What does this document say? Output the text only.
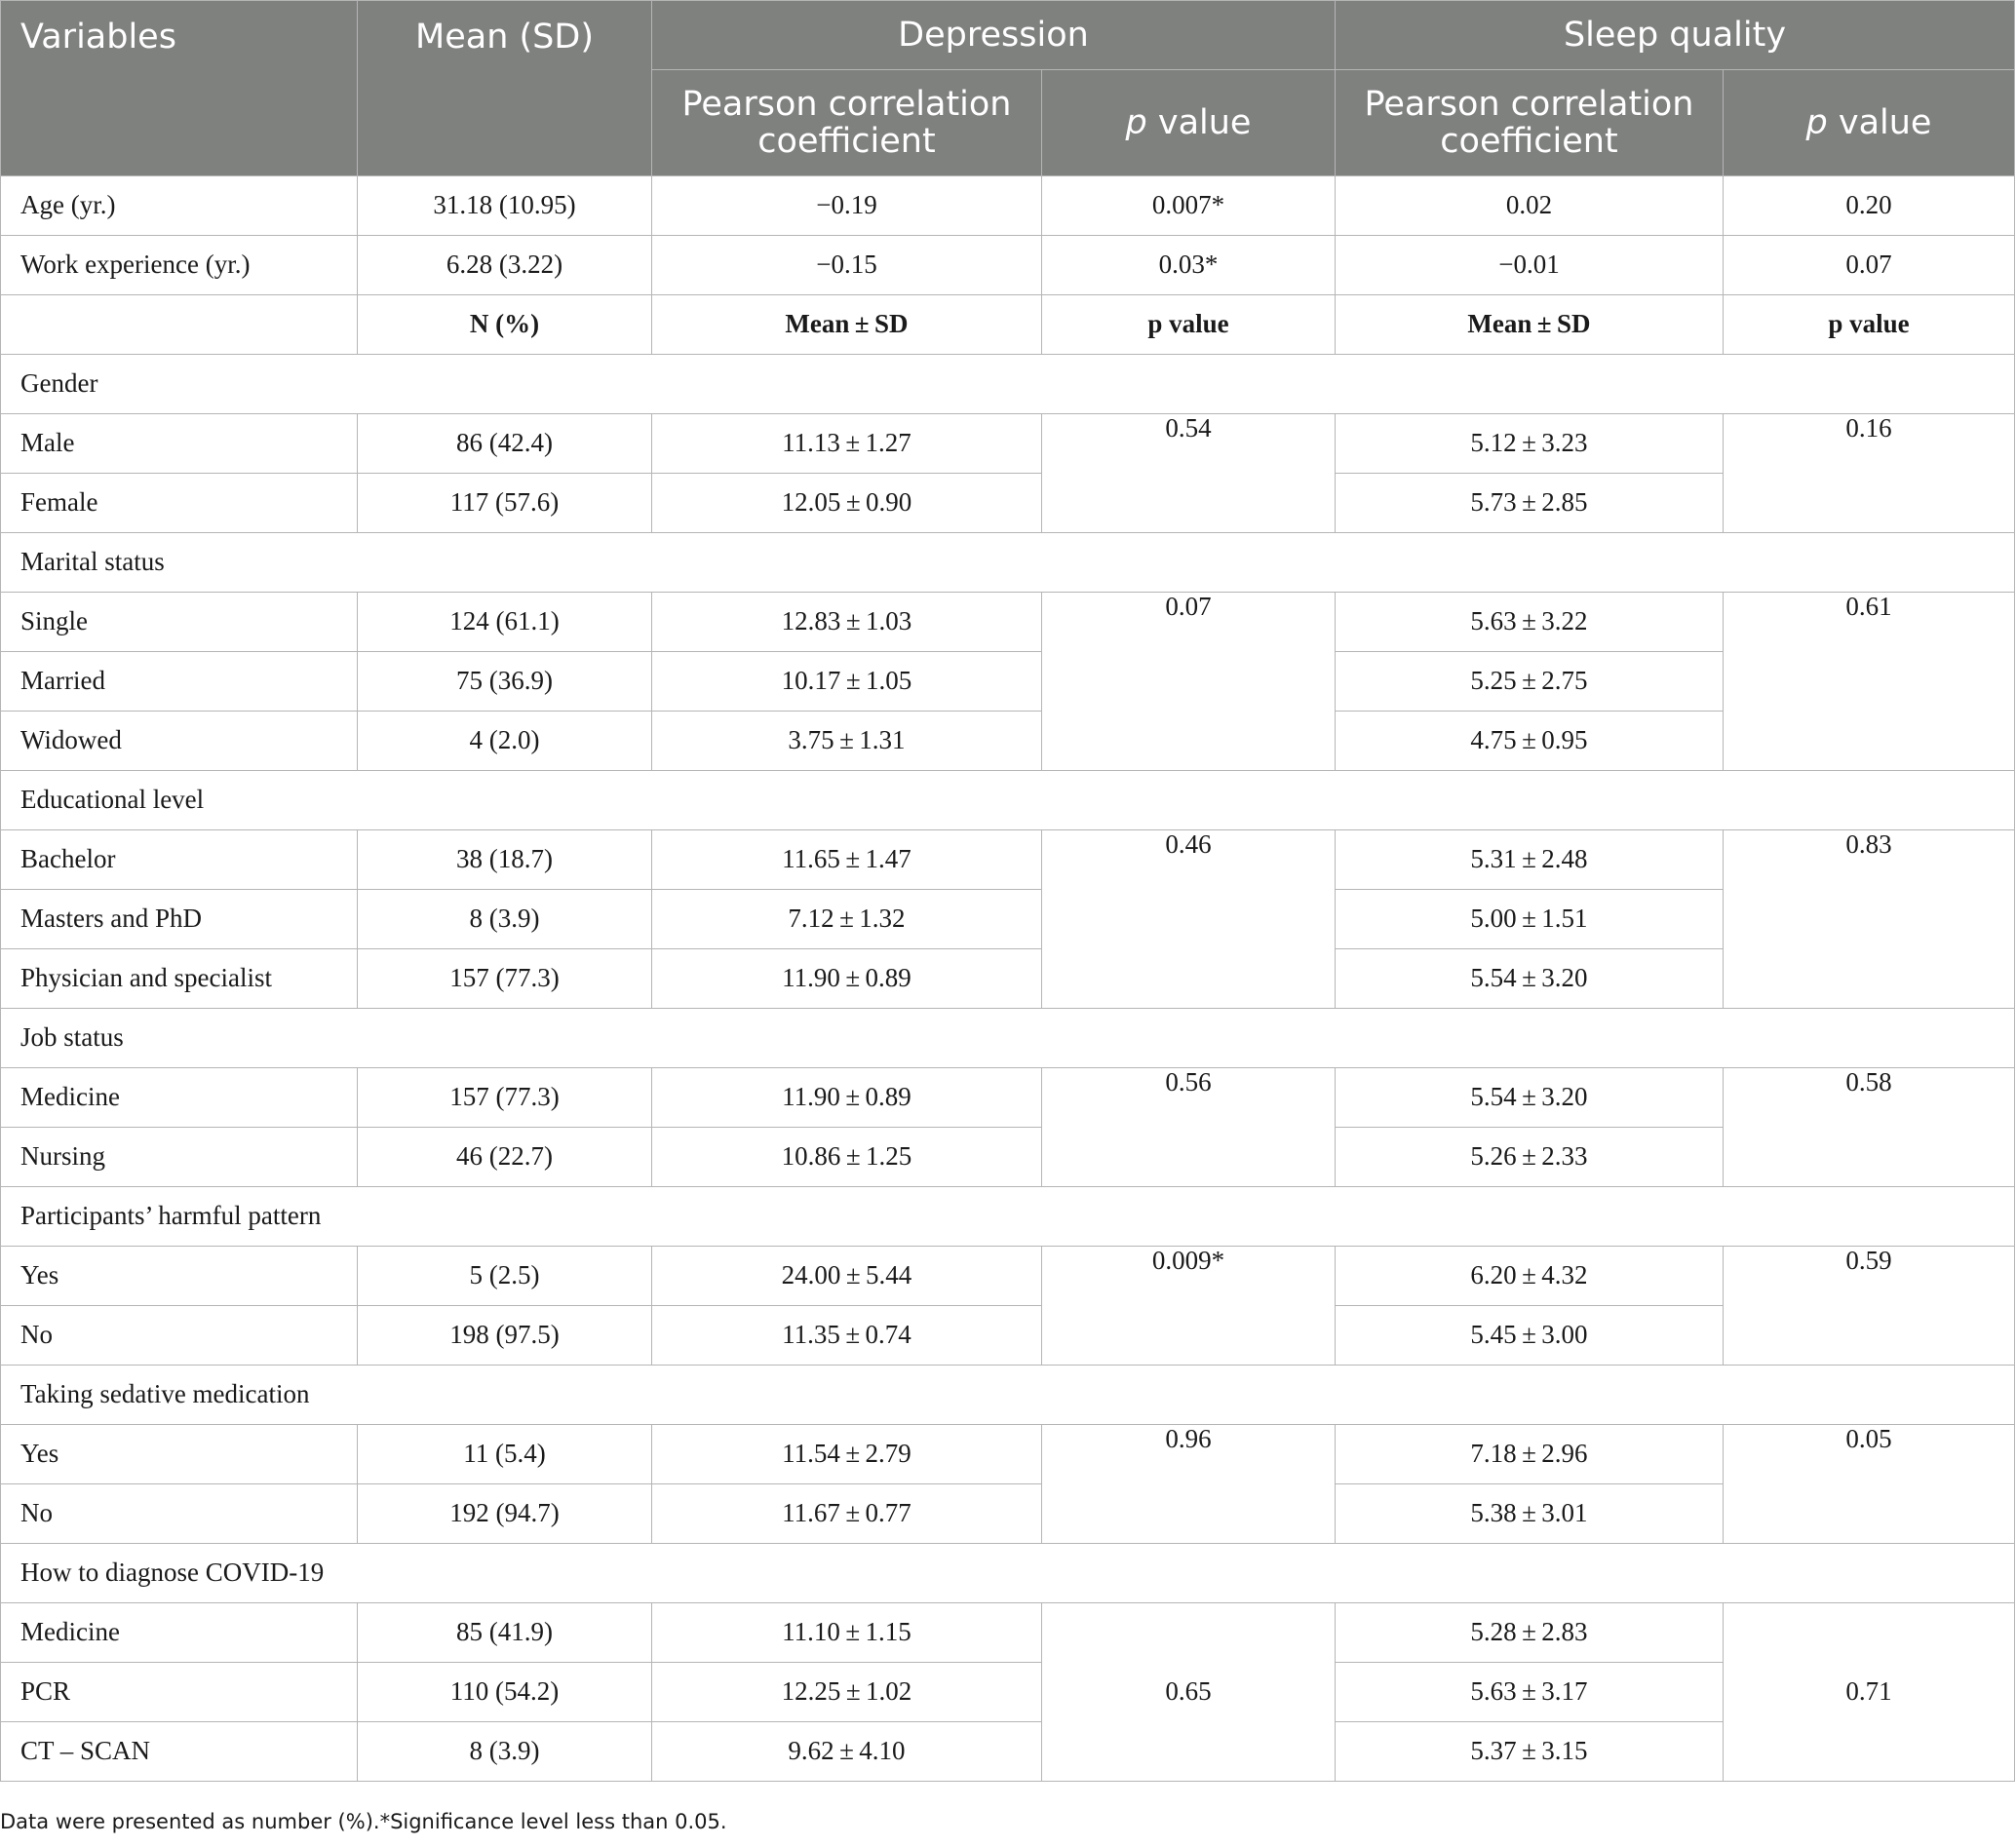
Variables	Mean (SD)	Depression		Sleep quality	
		Pearson correlation coefficient	p value	Pearson correlation coefficient	p value
Age (yr.)	31.18 (10.95)	−0.19	0.007*	0.02	0.20
Work experience (yr.)	6.28 (3.22)	−0.15	0.03*	−0.01	0.07
	N (%)	Mean ± SD	p value	Mean ± SD	p value
Gender					
Male	86 (42.4)	11.13 ± 1.27	0.54	5.12 ± 3.23	0.16
Female	117 (57.6)	12.05 ± 0.90		5.73 ± 2.85	
Marital status					
Single	124 (61.1)	12.83 ± 1.03	0.07	5.63 ± 3.22	0.61
Married	75 (36.9)	10.17 ± 1.05		5.25 ± 2.75	
Widowed	4 (2.0)	3.75 ± 1.31		4.75 ± 0.95	
Educational level					
Bachelor	38 (18.7)	11.65 ± 1.47	0.46	5.31 ± 2.48	0.83
Masters and PhD	8 (3.9)	7.12 ± 1.32		5.00 ± 1.51	
Physician and specialist	157 (77.3)	11.90 ± 0.89		5.54 ± 3.20	
Job status					
Medicine	157 (77.3)	11.90 ± 0.89	0.56	5.54 ± 3.20	0.58
Nursing	46 (22.7)	10.86 ± 1.25		5.26 ± 2.33	
Participants’ harmful pattern					
Yes	5 (2.5)	24.00 ± 5.44	0.009*	6.20 ± 4.32	0.59
No	198 (97.5)	11.35 ± 0.74		5.45 ± 3.00	
Taking sedative medication					
Yes	11 (5.4)	11.54 ± 2.79	0.96	7.18 ± 2.96	0.05
No	192 (94.7)	11.67 ± 0.77		5.38 ± 3.01	
How to diagnose COVID-19					
Medicine	85 (41.9)	11.10 ± 1.15	0.65	5.28 ± 2.83	0.71
PCR	110 (54.2)	12.25 ± 1.02		5.63 ± 3.17	
CT – SCAN	8 (3.9)	9.62 ± 4.10		5.37 ± 3.15	
Data were presented as number (%).*Significance level less than 0.05.
